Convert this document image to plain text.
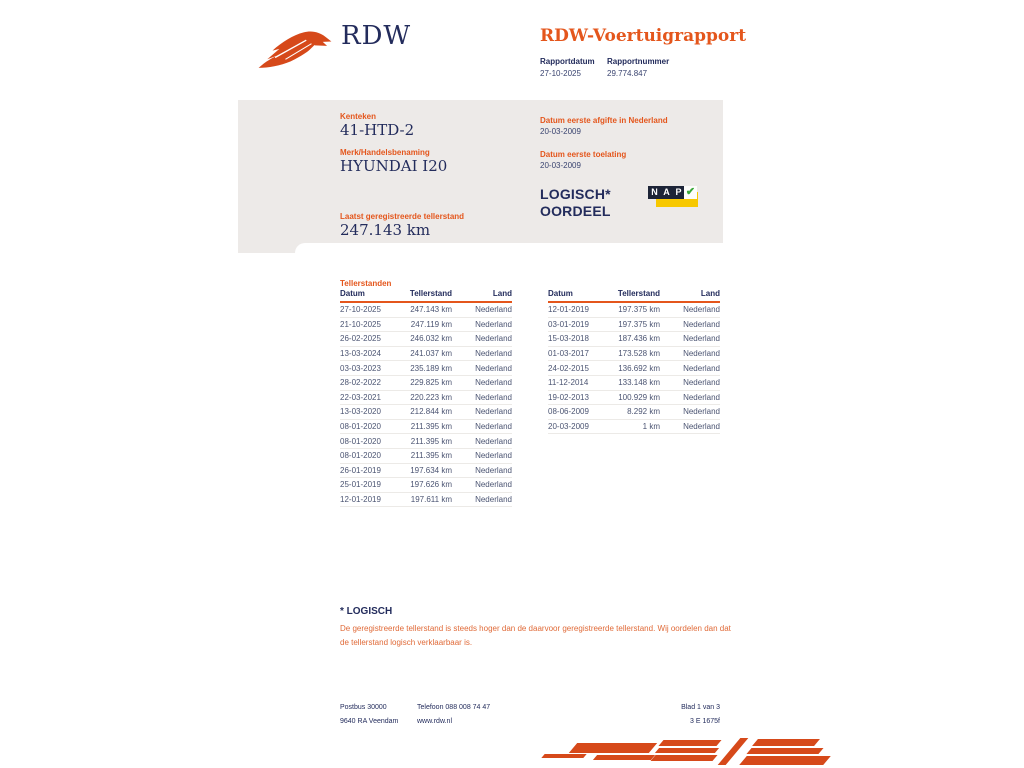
RDW	RDW-Voertuigrapport
Rapportdatum
27-10-2025
Rapportnummer
29.774.847
Kenteken
41-HTD-2
Merk/Handelsbenaming
HYUNDAI I20
Laatst geregistreerde tellerstand
247.143 km
Datum eerste afgifte in Nederland
20-03-2009
Datum eerste toelating
20-03-2009
LOGISCH*
OORDEEL
N A P ✔
Tellerstanden
Datum	Tellerstand	Land
27-10-2025	247.143 km	Nederland
21-10-2025	247.119 km	Nederland
26-02-2025	246.032 km	Nederland
13-03-2024	241.037 km	Nederland
03-03-2023	235.189 km	Nederland
28-02-2022	229.825 km	Nederland
22-03-2021	220.223 km	Nederland
13-03-2020	212.844 km	Nederland
08-01-2020	211.395 km	Nederland
08-01-2020	211.395 km	Nederland
08-01-2020	211.395 km	Nederland
26-01-2019	197.634 km	Nederland
25-01-2019	197.626 km	Nederland
12-01-2019	197.611 km	Nederland
Datum	Tellerstand	Land
12-01-2019	197.375 km	Nederland
03-01-2019	197.375 km	Nederland
15-03-2018	187.436 km	Nederland
01-03-2017	173.528 km	Nederland
24-02-2015	136.692 km	Nederland
11-12-2014	133.148 km	Nederland
19-02-2013	100.929 km	Nederland
08-06-2009	8.292 km	Nederland
20-03-2009	1 km	Nederland
* LOGISCH
De geregistreerde tellerstand is steeds hoger dan de daarvoor geregistreerde tellerstand. Wij oordelen dan dat de tellerstand logisch verklaarbaar is.
Postbus 30000
9640 RA Veendam
Telefoon 088 008 74 47
www.rdw.nl
Blad 1 van 3
3 E 1675f
